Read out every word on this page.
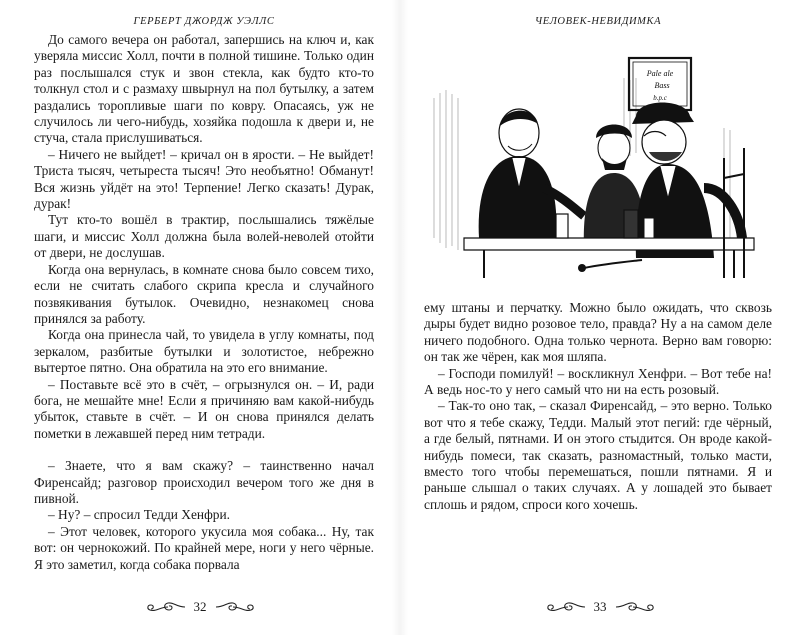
ГЕРБЕРТ ДЖОРДЖ УЭЛЛС

До самого вечера он работал, запершись на ключ и, как уверяла миссис Холл, почти в полной тишине. Только один раз послышался стук и звон стекла, как будто кто-то толкнул стол и с размаху швырнул на пол бутылку, а затем раздались торопливые шаги по ковру. Опасаясь, уж не случилось ли чего-нибудь, хозяйка подошла к двери и, не стуча, стала прислушиваться.

– Ничего не выйдет! – кричал он в ярости. – Не выйдет! Триста тысяч, четыреста тысяч! Это необъятно! Обманут! Вся жизнь уйдёт на это! Терпение! Легко сказать! Дурак, дурак!

Тут кто-то вошёл в трактир, послышались тяжёлые шаги, и миссис Холл должна была волей-неволей отойти от двери, не дослушав.

Когда она вернулась, в комнате снова было совсем тихо, если не считать слабого скрипа кресла и случайного позвякивания бутылок. Очевидно, незнакомец снова принялся за работу.

Когда она принесла чай, то увидела в углу комнаты, под зеркалом, разбитые бутылки и золотистое, небрежно вытертое пятно. Она обратила на это его внимание.

– Поставьте всё это в счёт, – огрызнулся он. – И, ради бога, не мешайте мне! Если я причиняю вам какой-нибудь убыток, ставьте в счёт. – И он снова принялся делать пометки в лежавшей перед ним тетради.

– Знаете, что я вам скажу? – таинственно начал Фиренсайд; разговор происходил вечером того же дня в пивной.

– Ну? – спросил Тедди Хенфри.

– Этот человек, которого укусила моя собака... Ну, так вот: он чернокожий. По крайней мере, ноги у него чёрные. Я это заметил, когда собака порвала

32
ЧЕЛОВЕК-НЕВИДИМКА
Pale ale
Bass
b.p.c

ему штаны и перчатку. Можно было ожидать, что сквозь дыры будет видно розовое тело, правда? Ну а на самом деле ничего подобного. Одна только чернота. Верно вам говорю: он так же чёрен, как моя шляпа.

– Господи помилуй! – воскликнул Хенфри. – Вот тебе на! А ведь нос-то у него самый что ни на есть розовый.

– Так-то оно так, – сказал Фиренсайд, – это верно. Только вот что я тебе скажу, Тедди. Малый этот пегий: где чёрный, а где белый, пятнами. И он этого стыдится. Он вроде какой-нибудь помеси, так сказать, разномастный, только масти, вместо того чтобы перемешаться, пошли пятнами. Я и раньше слышал о таких случаях. А у лошадей это бывает сплошь и рядом, спроси кого хочешь.

33
